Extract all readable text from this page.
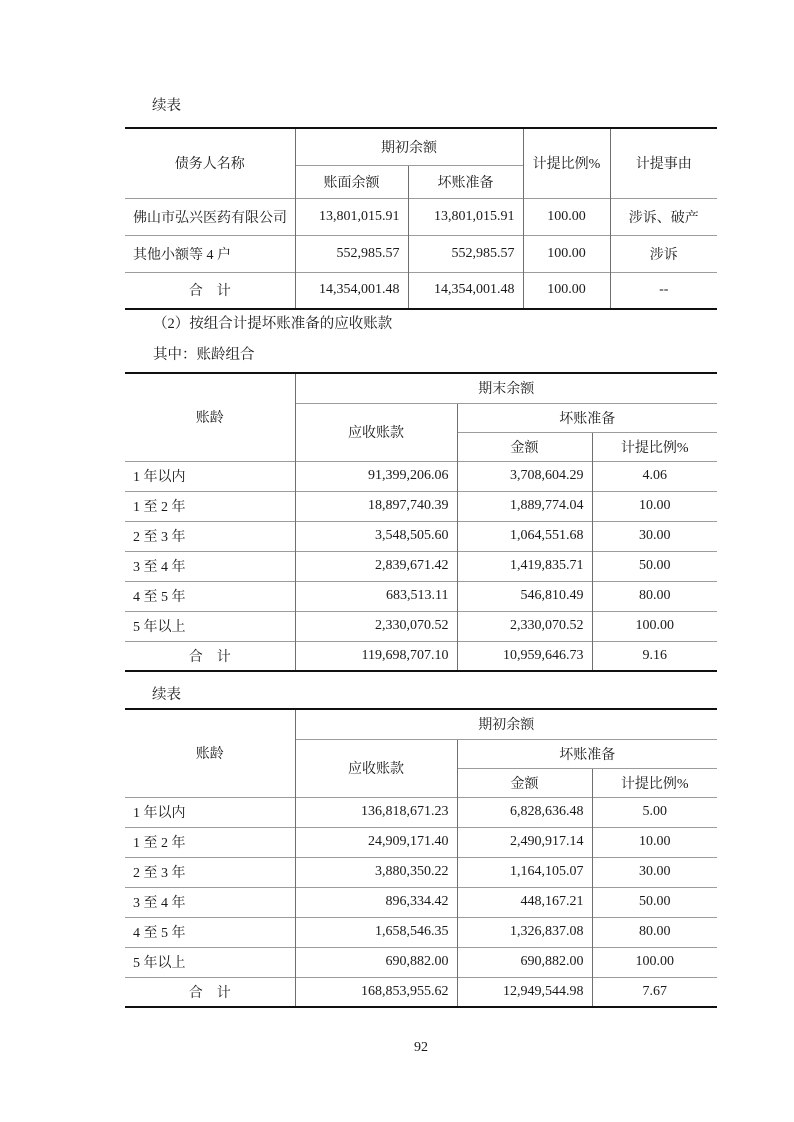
续表
债务人名称	期初余额		计提比例%	计提事由
	账面余额	坏账准备		
佛山市弘兴医药有限公司	13,801,015.91	13,801,015.91	100.00	涉诉、破产
其他小额等 4 户	552,985.57	552,985.57	100.00	涉诉
合　计	14,354,001.48	14,354,001.48	100.00	--
（2）按组合计提坏账准备的应收账款
其中：账龄组合
账龄	期末余额		
	应收账款	坏账准备	
		金额	计提比例%
1 年以内	91,399,206.06	3,708,604.29	4.06
1 至 2 年	18,897,740.39	1,889,774.04	10.00
2 至 3 年	3,548,505.60	1,064,551.68	30.00
3 至 4 年	2,839,671.42	1,419,835.71	50.00
4 至 5 年	683,513.11	546,810.49	80.00
5 年以上	2,330,070.52	2,330,070.52	100.00
合　计	119,698,707.10	10,959,646.73	9.16
续表
账龄	期初余额		
	应收账款	坏账准备	
		金额	计提比例%
1 年以内	136,818,671.23	6,828,636.48	5.00
1 至 2 年	24,909,171.40	2,490,917.14	10.00
2 至 3 年	3,880,350.22	1,164,105.07	30.00
3 至 4 年	896,334.42	448,167.21	50.00
4 至 5 年	1,658,546.35	1,326,837.08	80.00
5 年以上	690,882.00	690,882.00	100.00
合　计	168,853,955.62	12,949,544.98	7.67
92
